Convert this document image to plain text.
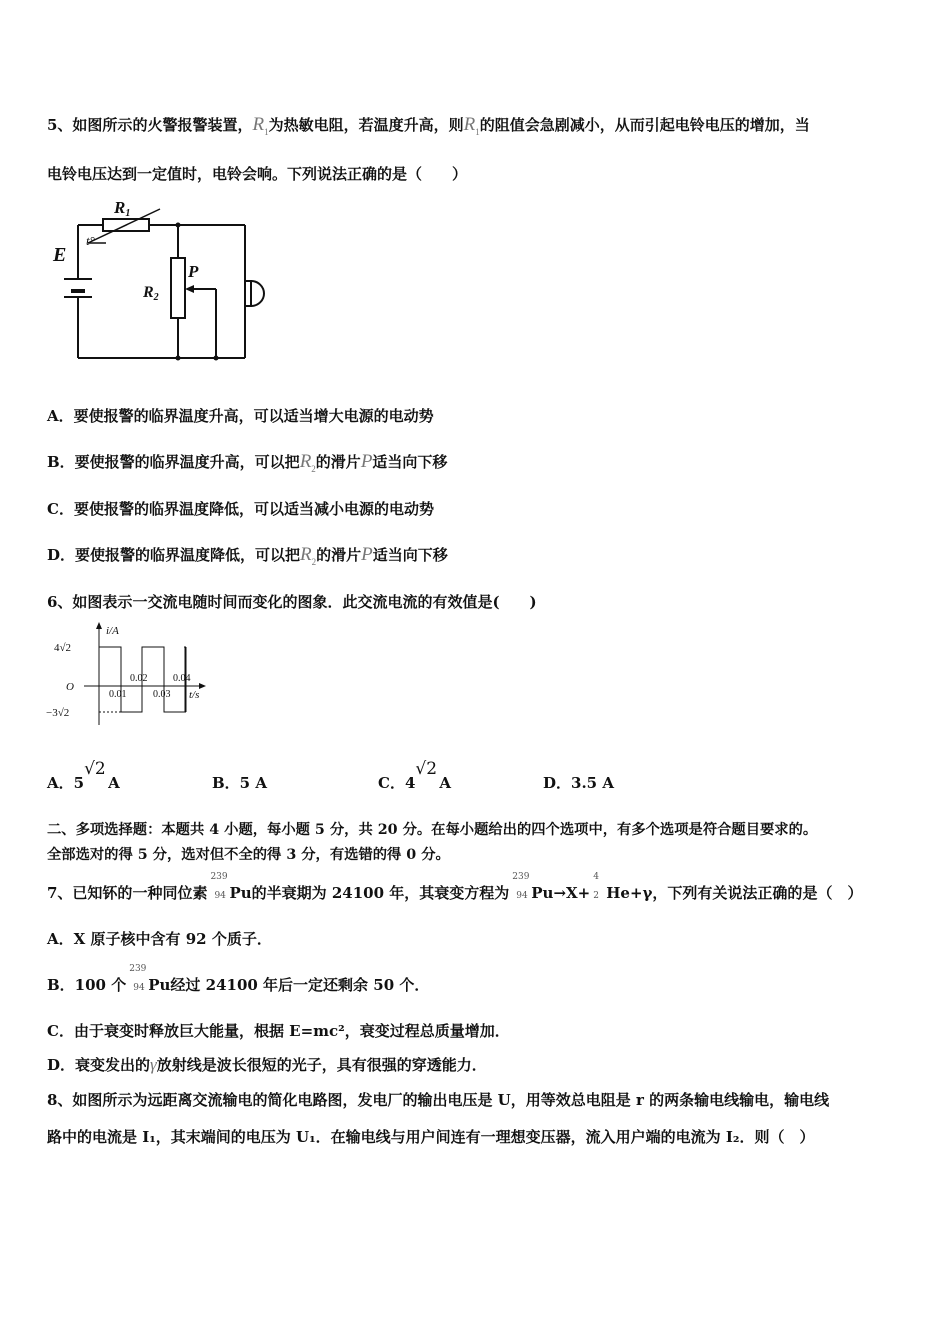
5、如图所示的火警报警装置，$R_1$为热敏电阻，若温度升高，则$R_1$的阻值会急剧减小，从而引起电铃电压的增加，当
电铃电压达到一定值时，电铃会响。下列说法正确的是（　　）
E
R1
R2
P
t°
A．要使报警的临界温度升高，可以适当增大电源的电动势
B．要使报警的临界温度升高，可以把$R_2$的滑片P适当向下移
C．要使报警的临界温度降低，可以适当减小电源的电动势
D．要使报警的临界温度降低，可以把$R_2$的滑片P适当向下移
6、如图表示一交流电随时间而变化的图象．此交流电流的有效值是(　　)
i/A
t/s
O
4√2
−3√2
0.01	0.03
0.02	0.04
A．5
√2
A	B．5 A	C．4
√2
A	D．3.5 A
二、多项选择题：本题共 4 小题，每小题 5 分，共 20 分。在每小题给出的四个选项中，有多个选项是符合题目要求的。
全部选对的得 5 分，选对但不全的得 3 分，有选错的得 0 分。
7、已知钚的一种同位素
239
94 Pu的半衰期为 24100 年，其衰变方程为
239
94 Pu→X+
4
2 He+γ，下列有关说法正确的是（　）
A．X 原子核中含有 92 个质子．
B．100 个
239
94 Pu经过 24100 年后一定还剩余 50 个．
C．由于衰变时释放巨大能量，根据 E=mc²，衰变过程总质量增加．
D．衰变发出的γ放射线是波长很短的光子，具有很强的穿透能力．
8、如图所示为远距离交流输电的简化电路图，发电厂的输出电压是 U，用等效总电阻是 r 的两条输电线输电，输电线
路中的电流是 I₁，其末端间的电压为 U₁．在输电线与用户间连有一理想变压器，流入用户端的电流为 I₂．则（　）
